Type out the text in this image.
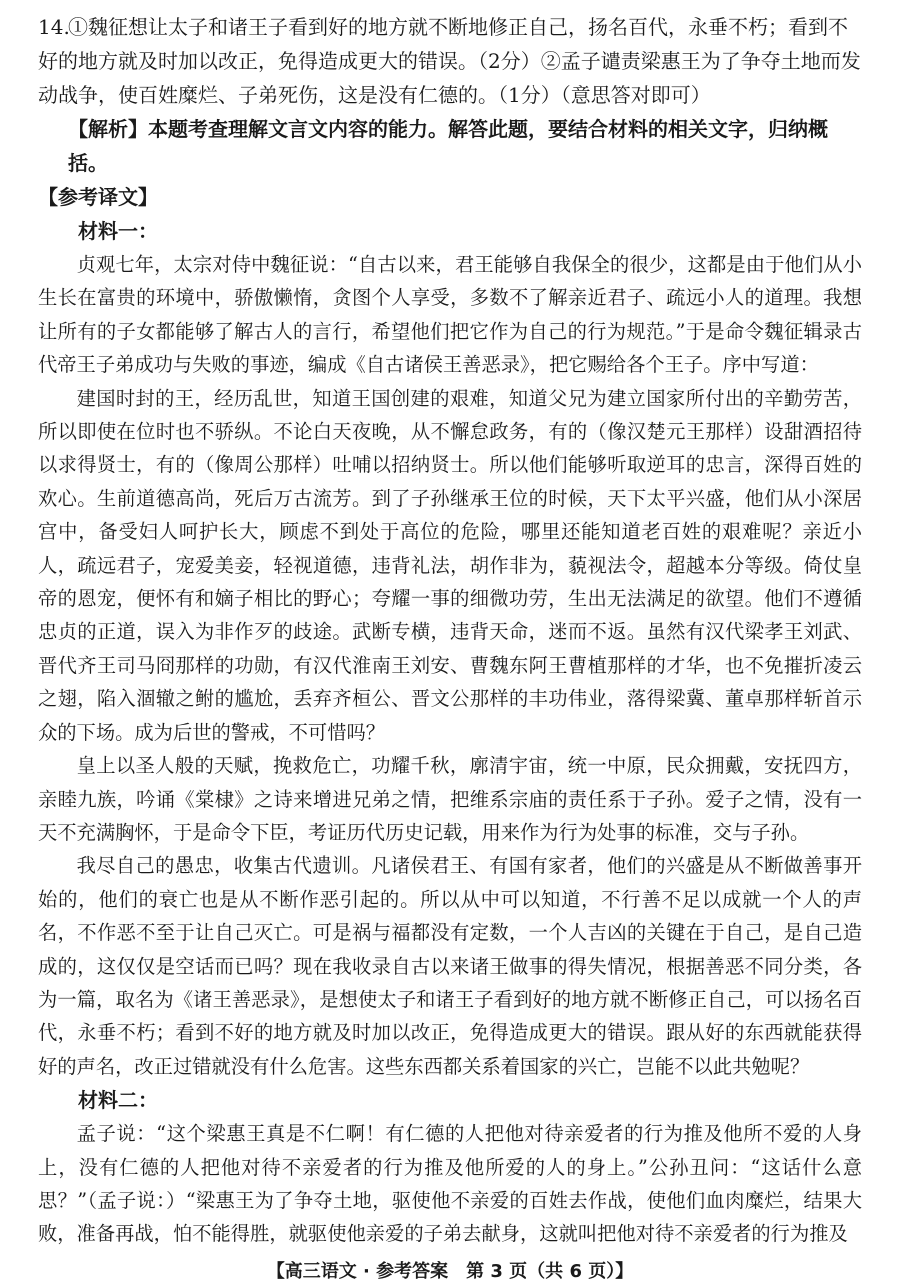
14.①魏征想让太子和诸王子看到好的地方就不断地修正自己，扬名百代，永垂不朽；看到不好的地方就及时加以改正，免得造成更大的错误。（2分）②孟子谴责梁惠王为了争夺土地而发动战争，使百姓糜烂、子弟死伤，这是没有仁德的。（1分）（意思答对即可）

【解析】本题考查理解文言文内容的能力。解答此题，要结合材料的相关文字，归纳概括。

【参考译文】

材料一：

贞观七年，太宗对侍中魏征说：“自古以来，君王能够自我保全的很少，这都是由于他们从小生长在富贵的环境中，骄傲懒惰，贪图个人享受，多数不了解亲近君子、疏远小人的道理。我想让所有的子女都能够了解古人的言行，希望他们把它作为自己的行为规范。”于是命令魏征辑录古代帝王子弟成功与失败的事迹，编成《自古诸侯王善恶录》，把它赐给各个王子。序中写道：

建国时封的王，经历乱世，知道王国创建的艰难，知道父兄为建立国家所付出的辛勤劳苦，所以即使在位时也不骄纵。不论白天夜晚，从不懈怠政务，有的（像汉楚元王那样）设甜酒招待以求得贤士，有的（像周公那样）吐哺以招纳贤士。所以他们能够听取逆耳的忠言，深得百姓的欢心。生前道德高尚，死后万古流芳。到了子孙继承王位的时候，天下太平兴盛，他们从小深居宫中，备受妇人呵护长大，顾虑不到处于高位的危险，哪里还能知道老百姓的艰难呢？亲近小人，疏远君子，宠爱美妾，轻视道德，违背礼法，胡作非为，藐视法令，超越本分等级。倚仗皇帝的恩宠，便怀有和嫡子相比的野心；夸耀一事的细微功劳，生出无法满足的欲望。他们不遵循忠贞的正道，误入为非作歹的歧途。武断专横，违背天命，迷而不返。虽然有汉代梁孝王刘武、晋代齐王司马冏那样的功勋，有汉代淮南王刘安、曹魏东阿王曹植那样的才华，也不免摧折凌云之翅，陷入涸辙之鲋的尴尬，丢弃齐桓公、晋文公那样的丰功伟业，落得梁冀、董卓那样斩首示众的下场。成为后世的警戒，不可惜吗？

皇上以圣人般的天赋，挽救危亡，功耀千秋，廓清宇宙，统一中原，民众拥戴，安抚四方，亲睦九族，吟诵《棠棣》之诗来增进兄弟之情，把维系宗庙的责任系于子孙。爱子之情，没有一天不充满胸怀，于是命令下臣，考证历代历史记载，用来作为行为处事的标准，交与子孙。

我尽自己的愚忠，收集古代遗训。凡诸侯君王、有国有家者，他们的兴盛是从不断做善事开始的，他们的衰亡也是从不断作恶引起的。所以从中可以知道，不行善不足以成就一个人的声名，不作恶不至于让自己灭亡。可是祸与福都没有定数，一个人吉凶的关键在于自己，是自己造成的，这仅仅是空话而已吗？现在我收录自古以来诸王做事的得失情况，根据善恶不同分类，各为一篇，取名为《诸王善恶录》，是想使太子和诸王子看到好的地方就不断修正自己，可以扬名百代，永垂不朽；看到不好的地方就及时加以改正，免得造成更大的错误。跟从好的东西就能获得好的声名，改正过错就没有什么危害。这些东西都关系着国家的兴亡，岂能不以此共勉呢？

材料二：

孟子说：“这个梁惠王真是不仁啊！有仁德的人把他对待亲爱者的行为推及他所不爱的人身上，没有仁德的人把他对待不亲爱者的行为推及他所爱的人的身上。”公孙丑问：“这话什么意思？”（孟子说：）“梁惠王为了争夺土地，驱使他不亲爱的百姓去作战，使他们血肉糜烂，结果大败，准备再战，怕不能得胜，就驱使他亲爱的子弟去献身，这就叫把他对待不亲爱者的行为推及

【高三语文 · 参考答案　第 3 页（共 6 页）】
